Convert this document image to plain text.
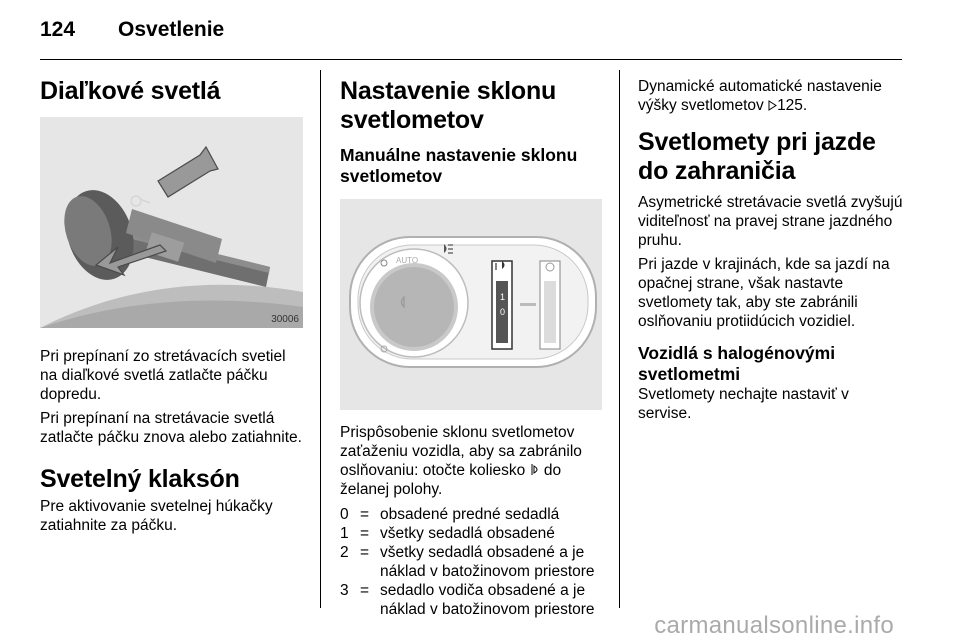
124 Osvetlenie
Diaľkové svetlá
30006
Pri prepínaní zo stretávacích svetiel na diaľkové svetlá zatlačte páčku dopredu.
Pri prepínaní na stretávacie svetlá zatlačte páčku znova alebo zatiahnite.
Svetelný klaksón
Pre aktivovanie svetelnej húkačky zatiahnite za páčku.
Nastavenie sklonu svetlometov
Manuálne nastavenie sklonu svetlometov
AUTO
1
0
Prispôsobenie sklonu svetlometov zaťaženiu vozidla, aby sa zabránilo oslňovaniu: otočte koliesko  do želanej polohy.
0 = obsadené predné sedadlá
1 = všetky sedadlá obsadené
2 = všetky sedadlá obsadené a je náklad v batožinovom priestore
3 = sedadlo vodiča obsadené a je náklad v batožinovom priestore
Dynamické automatické nastavenie výšky svetlometov 125.
Svetlomety pri jazde do zahraničia
Asymetrické stretávacie svetlá zvyšujú viditeľnosť na pravej strane jazdného pruhu.
Pri jazde v krajinách, kde sa jazdí na opačnej strane, však nastavte svetlomety tak, aby ste zabránili oslňovaniu protiidúcich vozidiel.
Vozidlá s halogénovými svetlometmi
Svetlomety nechajte nastaviť v servise.
carmanualsonline.info
